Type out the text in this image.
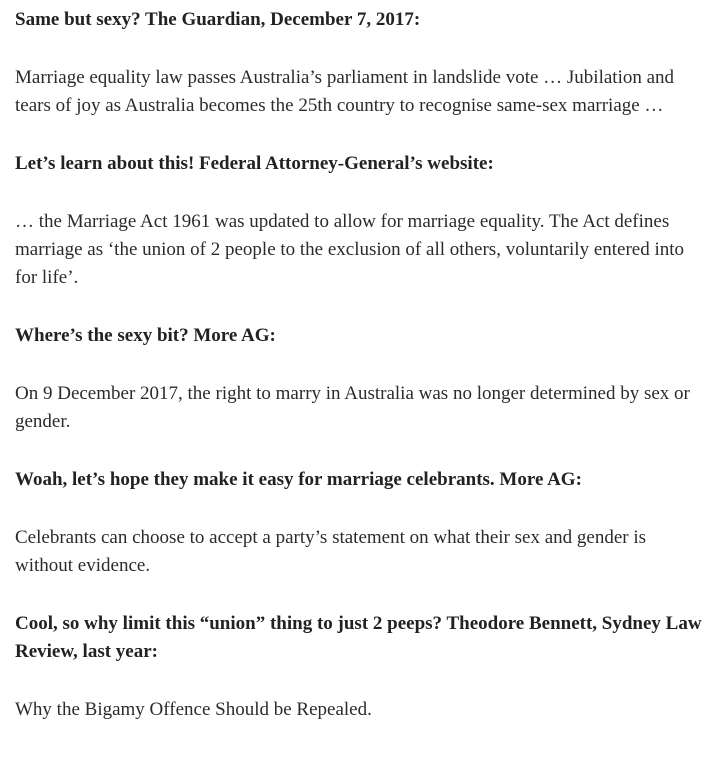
Same but sexy? The Guardian, December 7, 2017:

Marriage equality law passes Australia’s parliament in landslide vote … Jubilation and tears of joy as Australia becomes the 25th country to recognise same-sex marriage …

Let’s learn about this! Federal Attorney-General’s website:

… the Marriage Act 1961 was updated to allow for marriage equality. The Act defines marriage as ‘the union of 2 people to the exclusion of all others, voluntarily entered into for life’.

Where’s the sexy bit? More AG:

On 9 December 2017, the right to marry in Australia was no longer determined by sex or gender.

Woah, let’s hope they make it easy for marriage celebrants. More AG:

Celebrants can choose to accept a party’s statement on what their sex and gender is without evidence.

Cool, so why limit this “union” thing to just 2 peeps? Theodore Bennett, Sydney Law Review, last year:

Why the Bigamy Offence Should be Repealed.
